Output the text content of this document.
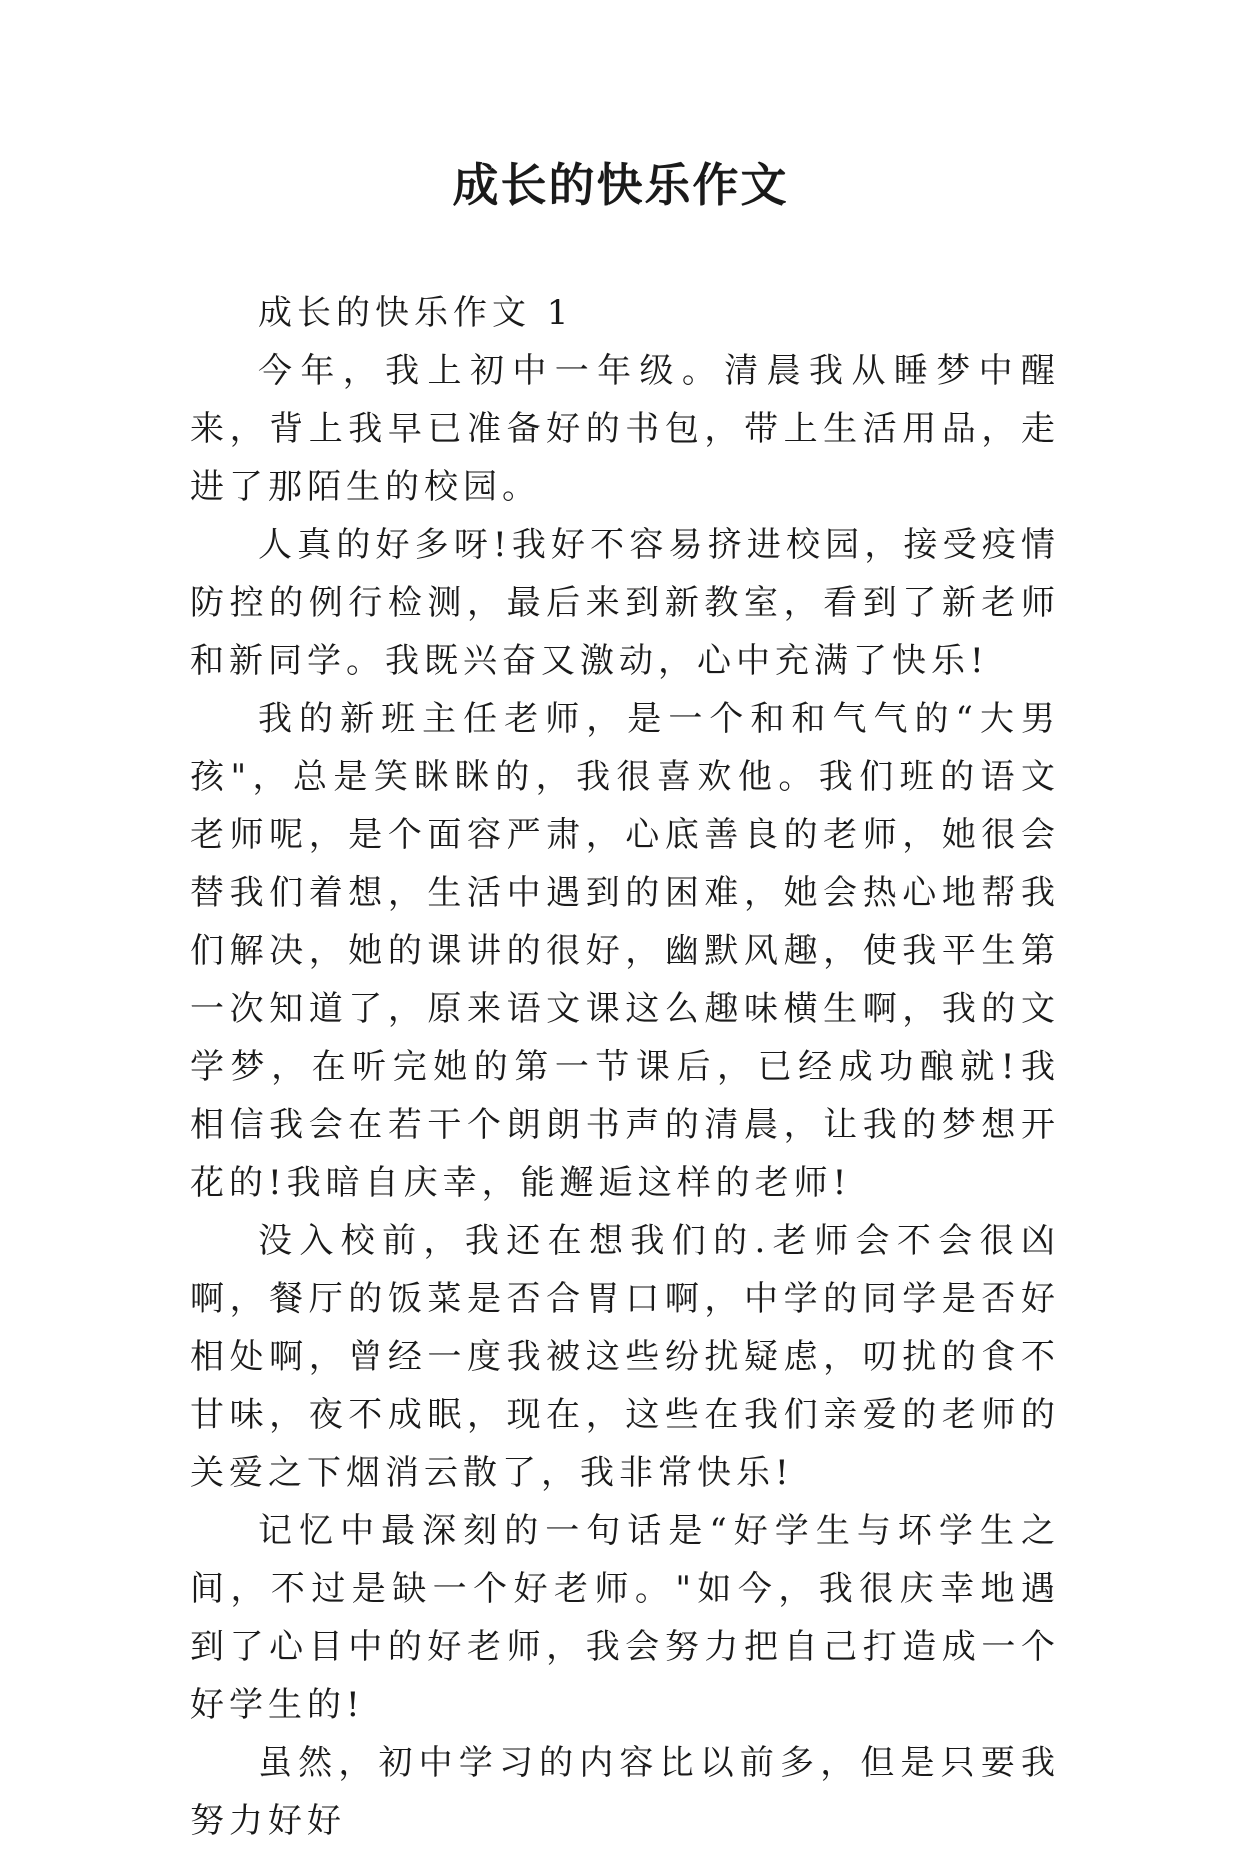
成长的快乐作文

成长的快乐作文 1

今年，我上初中一年级。清晨我从睡梦中醒来，背上我早已准备好的书包，带上生活用品，走进了那陌生的校园。

人真的好多呀!我好不容易挤进校园，接受疫情防控的例行检测，最后来到新教室，看到了新老师和新同学。我既兴奋又激动，心中充满了快乐!

我的新班主任老师，是一个和和气气的“大男孩"，总是笑眯眯的，我很喜欢他。我们班的语文老师呢，是个面容严肃，心底善良的老师，她很会替我们着想，生活中遇到的困难，她会热心地帮我们解决，她的课讲的很好，幽默风趣，使我平生第一次知道了，原来语文课这么趣味横生啊，我的文学梦，在听完她的第一节课后，已经成功酿就!我相信我会在若干个朗朗书声的清晨，让我的梦想开花的!我暗自庆幸，能邂逅这样的老师!

没入校前，我还在想我们的.老师会不会很凶啊，餐厅的饭菜是否合胃口啊，中学的同学是否好相处啊，曾经一度我被这些纷扰疑虑，叨扰的食不甘味，夜不成眠，现在，这些在我们亲爱的老师的关爱之下烟消云散了，我非常快乐!

记忆中最深刻的一句话是“好学生与坏学生之间，不过是缺一个好老师。"如今，我很庆幸地遇到了心目中的好老师，我会努力把自己打造成一个好学生的!

虽然，初中学习的内容比以前多，但是只要我努力好好
